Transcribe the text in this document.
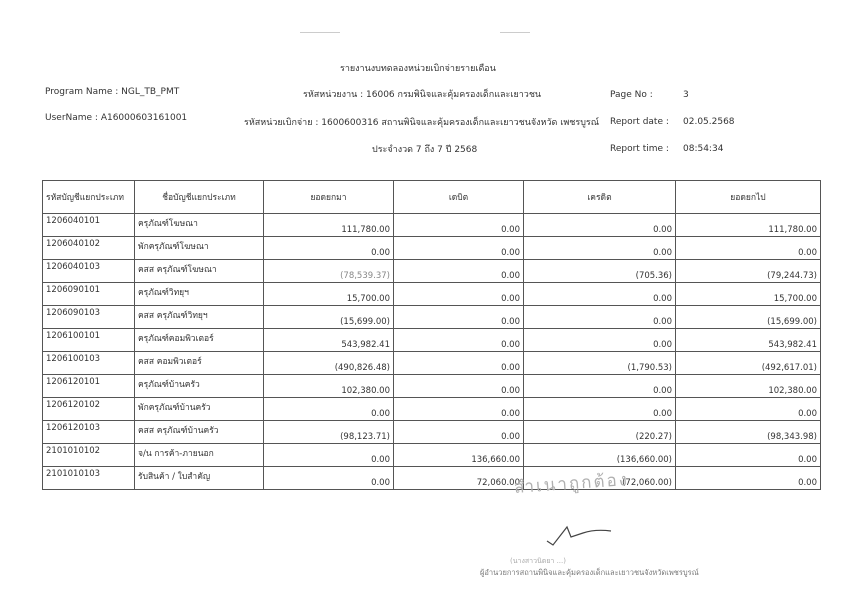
รายงานงบทดลองหน่วยเบิกจ่ายรายเดือน
Program Name : NGL_TB_PMT	รหัสหน่วยงาน : 16006 กรมพินิจและคุ้มครองเด็กและเยาวชน	Page No :	3
UserName : A16000603161001	รหัสหน่วยเบิกจ่าย : 1600600316 สถานพินิจและคุ้มครองเด็กและเยาวชนจังหวัด เพชรบูรณ์ Report date : 02.05.2568
ประจำงวด 7 ถึง 7 ปี 2568	Report time : 08:54:34
รหัสบัญชีแยกประเภท	ชื่อบัญชีแยกประเภท	ยอดยกมา	เดบิต	เครดิต	ยอดยกไป
1206040101	ครุภัณฑ์โฆษณา	111,780.00	0.00	0.00	111,780.00
1206040102	พักครุภัณฑ์โฆษณา	0.00	0.00	0.00	0.00
1206040103	คสส ครุภัณฑ์โฆษณา	(78,539.37)	0.00	(705.36)	(79,244.73)
1206090101	ครุภัณฑ์วิทยุฯ	15,700.00	0.00	0.00	15,700.00
1206090103	คสส ครุภัณฑ์วิทยุฯ	(15,699.00)	0.00	0.00	(15,699.00)
1206100101	ครุภัณฑ์คอมพิวเตอร์	543,982.41	0.00	0.00	543,982.41
1206100103	คสส คอมพิวเตอร์	(490,826.48)	0.00	(1,790.53)	(492,617.01)
1206120101	ครุภัณฑ์บ้านครัว	102,380.00	0.00	0.00	102,380.00
1206120102	พักครุภัณฑ์บ้านครัว	0.00	0.00	0.00	0.00
1206120103	คสส ครุภัณฑ์บ้านครัว	(98,123.71)	0.00	(220.27)	(98,343.98)
2101010102	จ/น การค้า-ภายนอก	0.00	136,660.00	(136,660.00)	0.00
2101010103	รับสินค้า / ใบสำคัญ	0.00	72,060.00	(72,060.00)	0.00
สำเนาถูกต้อง
(นางสาวนิตยา ...)
ผู้อำนวยการสถานพินิจและคุ้มครองเด็กและเยาวชนจังหวัดเพชรบูรณ์
